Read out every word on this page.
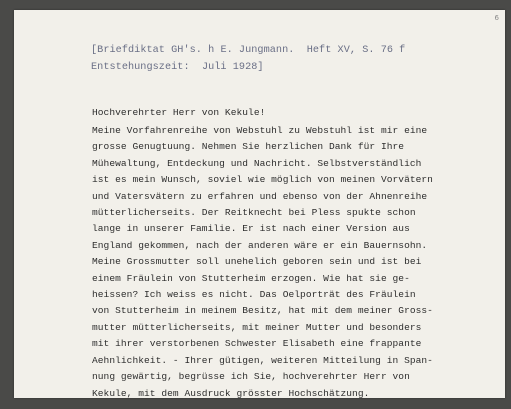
6
[Briefdiktat GH's. h E. Jungmann.  Heft XV, S. 76 f
Entstehungszeit:  Juli 1928]
Hochverehrter Herr von Kekule!
Meine Vorfahrenreihe von Webstuhl zu Webstuhl ist mir eine
grosse Genugtuung. Nehmen Sie herzlichen Dank für Ihre
Mühewaltung, Entdeckung und Nachricht. Selbstverständlich
ist es mein Wunsch, soviel wie möglich von meinen Vorvätern
und Vatersvätern zu erfahren und ebenso von der Ahnenreihe
mütterlicherseits. Der Reitknecht bei Pless spukte schon
lange in unserer Familie. Er ist nach einer Version aus
England gekommen, nach der anderen wäre er ein Bauernsohn.
Meine Grossmutter soll unehelich geboren sein und ist bei
einem Fräulein von Stutterheim erzogen. Wie hat sie ge-
heissen? Ich weiss es nicht. Das Oelporträt des Fräulein
von Stutterheim in meinem Besitz, hat mit dem meiner Gross-
mutter mütterlicherseits, mit meiner Mutter und besonders
mit ihrer verstorbenen Schwester Elisabeth eine frappante
Aehnlichkeit. - Ihrer gütigen, weiteren Mitteilung in Span-
nung gewärtig, begrüsse ich Sie, hochverehrter Herr von
Kekule, mit dem Ausdruck grösster Hochschätzung.
